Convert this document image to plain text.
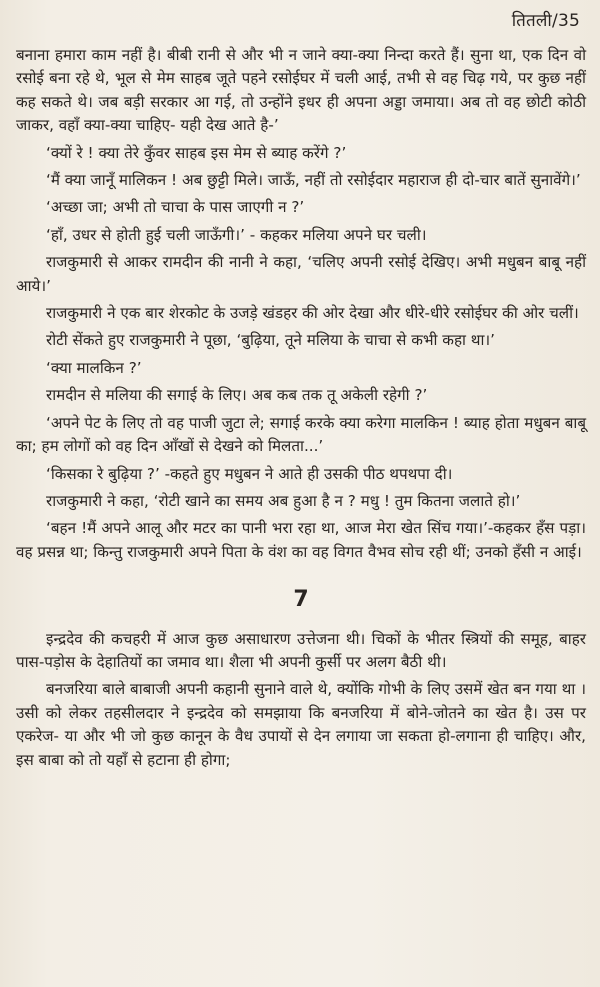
तितली/35

बनाना हमारा काम नहीं है। बीबी रानी से और भी न जाने क्या-क्या निन्दा करते हैं। सुना था, एक दिन वो रसोई बना रहे थे, भूल से मेम साहब जूते पहने रसोईघर में चली आई, तभी से वह चिढ़ गये, पर कुछ नहीं कह सकते थे। जब बड़ी सरकार आ गई, तो उन्होंने इधर ही अपना अड्डा जमाया। अब तो वह छोटी कोठी जाकर, वहाँ क्या-क्या चाहिए- यही देख आते है-’

‘क्यों रे ! क्या तेरे कुँवर साहब इस मेम से ब्याह करेंगे ?’

‘मैं क्या जानूँ मालिकन ! अब छुट्टी मिले। जाऊँ, नहीं तो रसोईदार महाराज ही दो-चार बातें सुनावेंगे।’

‘अच्छा जा; अभी तो चाचा के पास जाएगी न ?’

‘हाँ, उधर से होती हुई चली जाऊँगी।’ - कहकर मलिया अपने घर चली।

राजकुमारी से आकर रामदीन की नानी ने कहा, ‘चलिए अपनी रसोई देखिए। अभी मधुबन बाबू नहीं आये।’

राजकुमारी ने एक बार शेरकोट के उजड़े खंडहर की ओर देखा और धीरे-धीरे रसोईघर की ओर चलीं।

रोटी सेंकते हुए राजकुमारी ने पूछा, ‘बुढ़िया, तूने मलिया के चाचा से कभी कहा था।’

‘क्या मालकिन ?’

रामदीन से मलिया की सगाई के लिए। अब कब तक तू अकेली रहेगी ?’

‘अपने पेट के लिए तो वह पाजी जुटा ले; सगाई करके क्या करेगा मालकिन ! ब्याह होता मधुबन बाबू का; हम लोगों को वह दिन आँखों से देखने को मिलता...’

‘किसका रे बुढ़िया ?’ -कहते हुए मधुबन ने आते ही उसकी पीठ थपथपा दी।

राजकुमारी ने कहा, ‘रोटी खाने का समय अब हुआ है न ? मधु ! तुम कितना जलाते हो।’

‘बहन !मैं अपने आलू और मटर का पानी भरा रहा था, आज मेरा खेत सिंच गया।’-कहकर हँस पड़ा। वह प्रसन्न था; किन्तु राजकुमारी अपने पिता के वंश का वह विगत वैभव सोच रही थीं; उनको हँसी न आई।

7

इन्द्रदेव की कचहरी में आज कुछ असाधारण उत्तेजना थी। चिकों के भीतर स्त्रियों की समूह, बाहर पास-पड़ोस के देहातियों का जमाव था। शैला भी अपनी कुर्सी पर अलग बैठी थी।

बनजरिया बाले बाबाजी अपनी कहानी सुनाने वाले थे, क्योंकि गोभी के लिए उसमें खेत बन गया था । उसी को लेकर तहसीलदार ने इन्द्रदेव को समझाया कि बनजरिया में बोने-जोतने का खेत है। उस पर एकरेज- या और भी जो कुछ कानून के वैध उपायों से देन लगाया जा सकता हो-लगाना ही चाहिए। और, इस बाबा को तो यहाँ से हटाना ही होगा;
